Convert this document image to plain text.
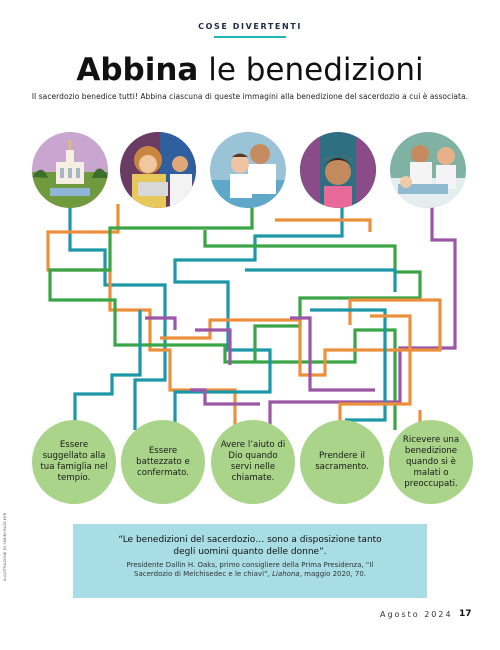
COSE DIVERTENTI
Abbina le benedizioni
Il sacerdozio benedice tutti! Abbina ciascuna di queste immagini alla benedizione del sacerdozio a cui è associata.
Essere suggellato alla tua famiglia nel tempio.
Essere battezzato e confermato.
Avere l’aiuto di Dio quando servi nelle chiamate.
Prendere il sacramento.
Ricevere una benedizione quando si è malati o preoccupati.
“Le benedizioni del sacerdozio… sono a disposizione tanto degli uomini quanto delle donne”.
Presidente Dallin H. Oaks, primo consigliere della Prima Presidenza, “Il Sacerdozio di Melchisedec e le chiavi”, Liahona, maggio 2020, 70.
ILLUSTRAZIONI DI SIMINI BLOCKER
Agosto 2024 17
